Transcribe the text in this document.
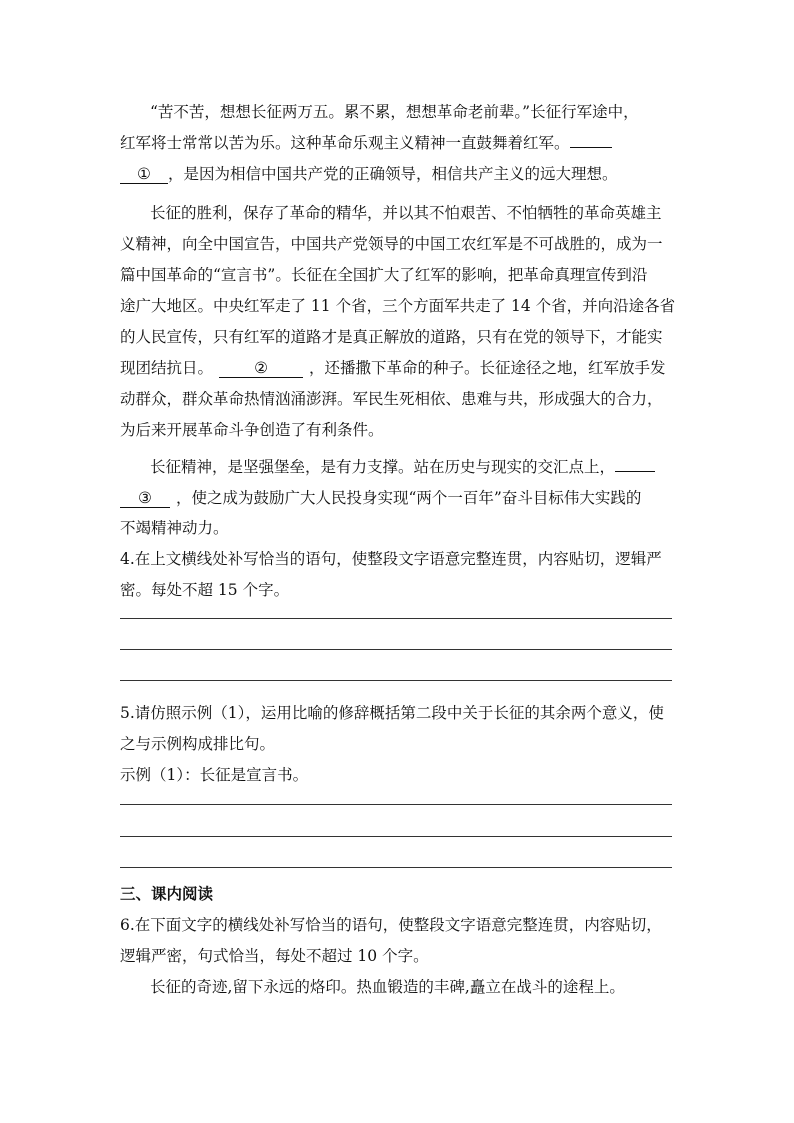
“苦不苦，想想长征两万五。累不累，想想革命老前辈。”长征行军途中，
红军将士常常以苦为乐。这种革命乐观主义精神一直鼓舞着红军。
① ，是因为相信中国共产党的正确领导，相信共产主义的远大理想。
长征的胜利，保存了革命的精华，并以其不怕艰苦、不怕牺牲的革命英雄主
义精神，向全中国宣告，中国共产党领导的中国工农红军是不可战胜的，成为一
篇中国革命的“宣言书”。长征在全国扩大了红军的影响，把革命真理宣传到沿
途广大地区。中央红军走了 11 个省，三个方面军共走了 14 个省，并向沿途各省
的人民宣传，只有红军的道路才是真正解放的道路，只有在党的领导下，才能实
现团结抗日。	②	，还播撒下革命的种子。长征途径之地，红军放手发
动群众，群众革命热情汹涌澎湃。军民生死相依、患难与共，形成强大的合力，
为后来开展革命斗争创造了有利条件。
长征精神，是坚强堡垒，是有力支撑。站在历史与现实的交汇点上，
③ ，使之成为鼓励广大人民投身实现“两个一百年”奋斗目标伟大实践的
不竭精神动力。
4.在上文横线处补写恰当的语句，使整段文字语意完整连贯，内容贴切，逻辑严
密。每处不超 15 个字。
5.请仿照示例（1），运用比喻的修辞概括第二段中关于长征的其余两个意义，使
之与示例构成排比句。
示例（1）：长征是宣言书。
三、课内阅读
6.在下面文字的横线处补写恰当的语句，使整段文字语意完整连贯，内容贴切，
逻辑严密，句式恰当，每处不超过 10 个字。
长征的奇迹,留下永远的烙印。热血锻造的丰碑,矗立在战斗的途程上。
